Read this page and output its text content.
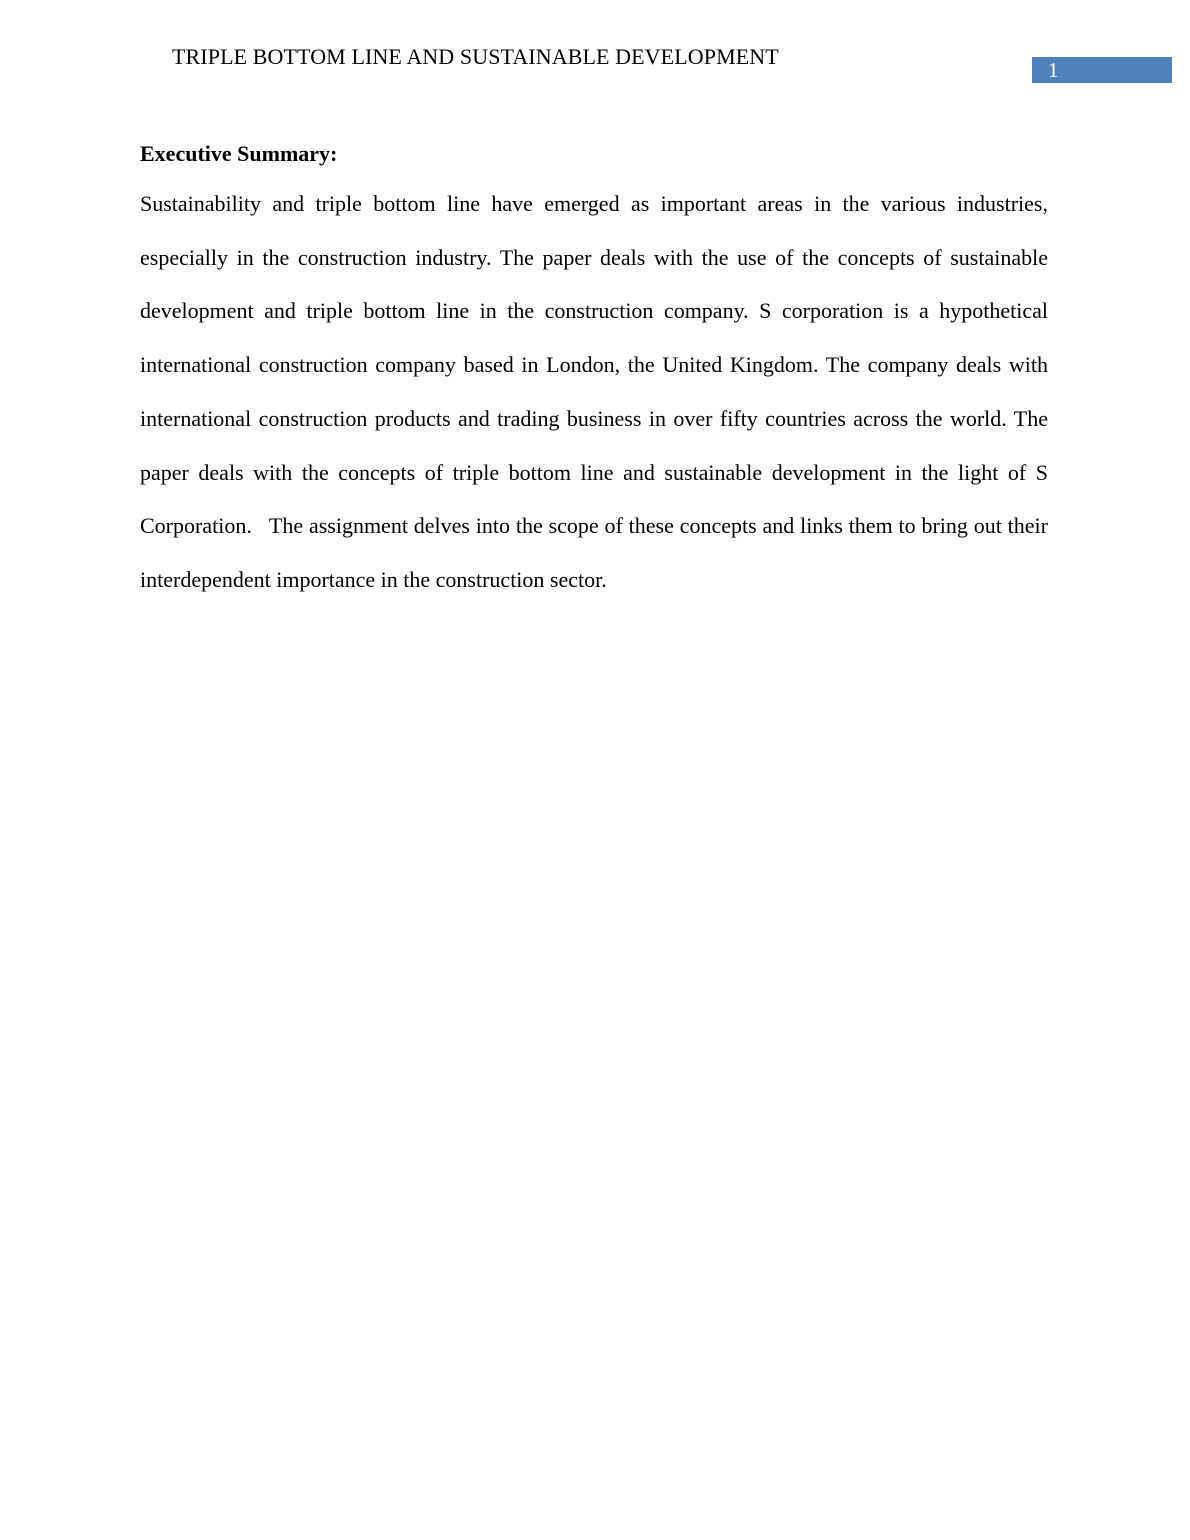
TRIPLE BOTTOM LINE AND SUSTAINABLE DEVELOPMENT
1
Executive Summary:

Sustainability and triple bottom line have emerged as important areas in the various industries, especially in the construction industry. The paper deals with the use of the concepts of sustainable development and triple bottom line in the construction company. S corporation is a hypothetical international construction company based in London, the United Kingdom. The company deals with international construction products and trading business in over fifty countries across the world. The paper deals with the concepts of triple bottom line and sustainable development in the light of S Corporation.   The assignment delves into the scope of these concepts and links them to bring out their interdependent importance in the construction sector.
